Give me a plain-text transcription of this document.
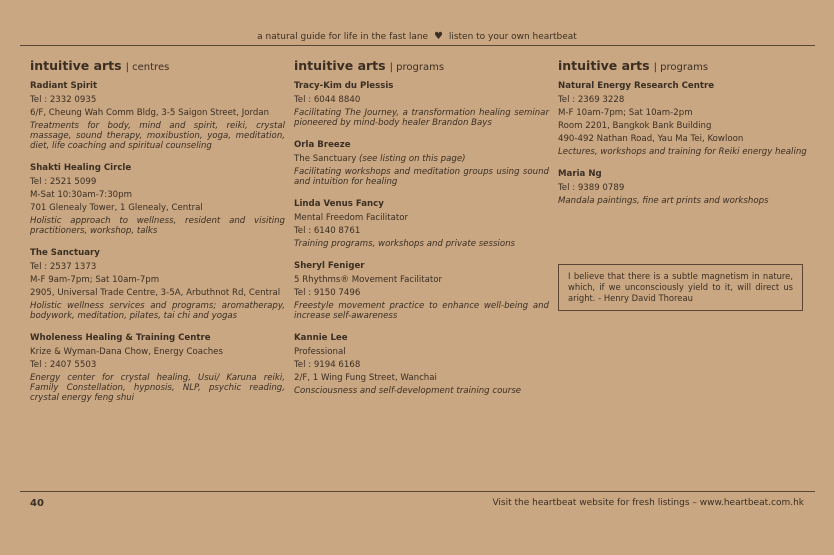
a natural guide for life in the fast lane ♥ listen to your own heartbeat
intuitive arts | centres
Radiant Spirit
Tel : 2332 0935
6/F, Cheung Wah Comm Bldg, 3-5 Saigon Street, Jordan
Treatments for body, mind and spirit, reiki, crystal massage, sound therapy, moxibustion, yoga, meditation, diet, life coaching and spiritual counseling
Shakti Healing Circle
Tel : 2521 5099
M-Sat 10:30am-7:30pm
701 Glenealy Tower, 1 Glenealy, Central
Holistic approach to wellness, resident and visiting practitioners, workshop, talks
The Sanctuary
Tel : 2537 1373
M-F 9am-7pm; Sat 10am-7pm
2905, Universal Trade Centre, 3-5A, Arbuthnot Rd, Central
Holistic wellness services and programs; aromatherapy, bodywork, meditation, pilates, tai chi and yogas
Wholeness Healing & Training Centre
Krize & Wyman-Dana Chow, Energy Coaches
Tel : 2407 5503
Energy center for crystal healing, Usui/ Karuna reiki, Family Constellation, hypnosis, NLP, psychic reading, crystal energy feng shui
intuitive arts | programs
Tracy-Kim du Plessis
Tel : 6044 8840
Facilitating The Journey, a transformation healing seminar pioneered by mind-body healer Brandon Bays
Orla Breeze
The Sanctuary (see listing on this page)
Facilitating workshops and meditation groups using sound and intuition for healing
Linda Venus Fancy
Mental Freedom Facilitator
Tel : 6140 8761
Training programs, workshops and private sessions
Sheryl Feniger
5 Rhythms® Movement Facilitator
Tel : 9150 7496
Freestyle movement practice to enhance well-being and increase self-awareness
Kannie Lee
Professional
Tel : 9194 6168
2/F, 1 Wing Fung Street, Wanchai
Consciousness and self-development training course
intuitive arts | programs
Natural Energy Research Centre
Tel : 2369 3228
M-F 10am-7pm; Sat 10am-2pm
Room 2201, Bangkok Bank Building
490-492 Nathan Road, Yau Ma Tei, Kowloon
Lectures, workshops and training for Reiki energy healing
Maria Ng
Tel : 9389 0789
Mandala paintings, fine art prints and workshops
I believe that there is a subtle magnetism in nature, which, if we unconsciously yield to it, will direct us aright. - Henry David Thoreau
40	Visit the heartbeat website for fresh listings – www.heartbeat.com.hk
